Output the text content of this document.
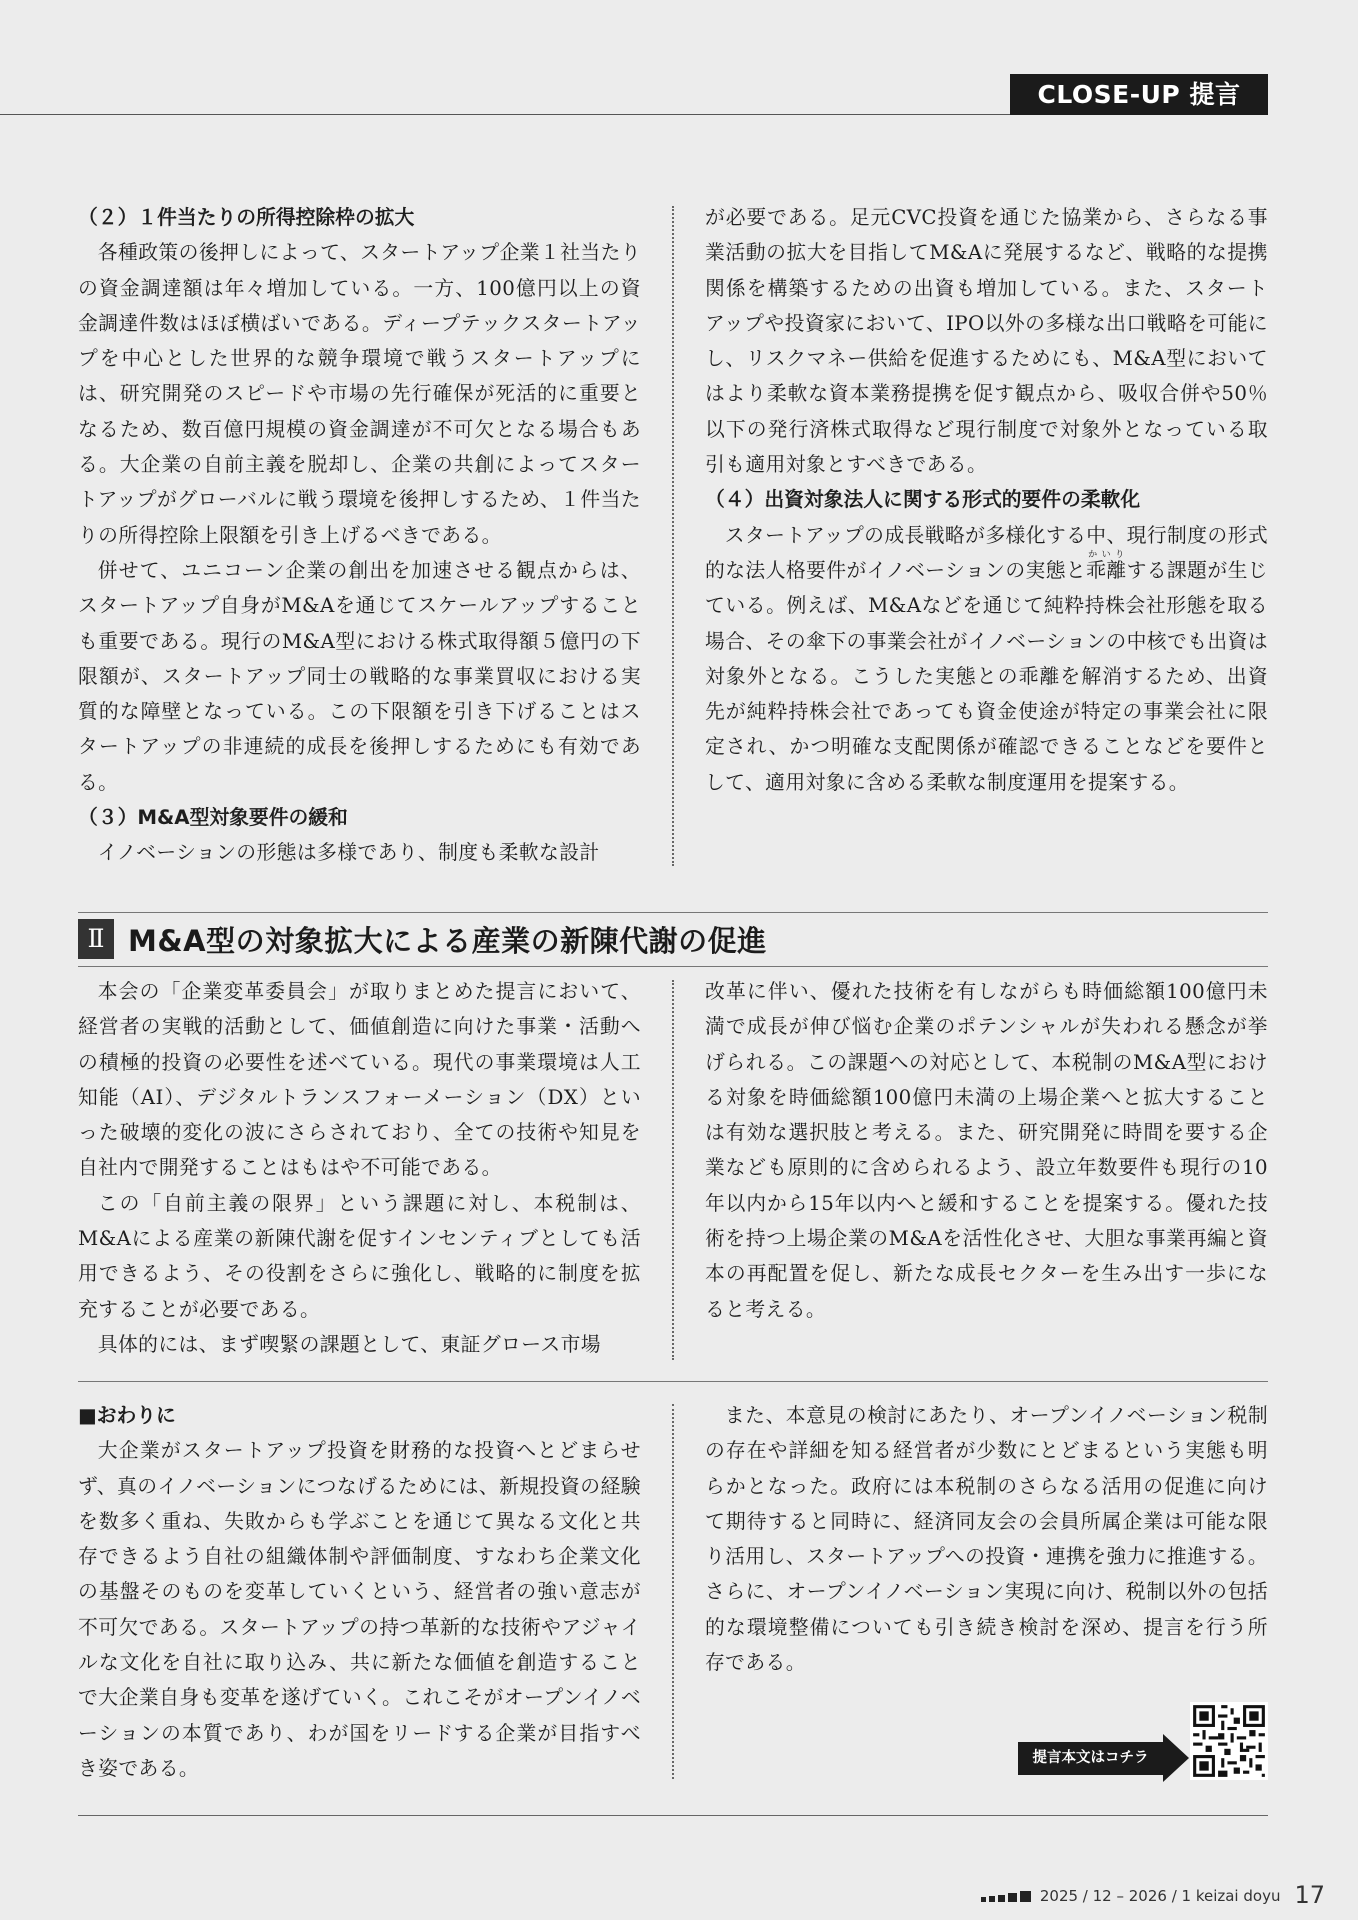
CLOSE-UP 提言
（２）１件当たりの所得控除枠の拡大

各種政策の後押しによって、スタートアップ企業１社当たりの資金調達額は年々増加している。一方、100億円以上の資金調達件数はほぼ横ばいである。ディープテックスタートアップを中心とした世界的な競争環境で戦うスタートアップには、研究開発のスピードや市場の先行確保が死活的に重要となるため、数百億円規模の資金調達が不可欠となる場合もある。大企業の自前主義を脱却し、企業の共創によってスタートアップがグローバルに戦う環境を後押しするため、１件当たりの所得控除上限額を引き上げるべきである。

併せて、ユニコーン企業の創出を加速させる観点からは、スタートアップ自身がM&Aを通じてスケールアップすることも重要である。現行のM&A型における株式取得額５億円の下限額が、スタートアップ同士の戦略的な事業買収における実質的な障壁となっている。この下限額を引き下げることはスタートアップの非連続的成長を後押しするためにも有効である。

（３）M&A型対象要件の緩和

イノベーションの形態は多様であり、制度も柔軟な設計

が必要である。足元CVC投資を通じた協業から、さらなる事業活動の拡大を目指してM&Aに発展するなど、戦略的な提携関係を構築するための出資も増加している。また、スタートアップや投資家において、IPO以外の多様な出口戦略を可能にし、リスクマネー供給を促進するためにも、M&A型においてはより柔軟な資本業務提携を促す観点から、吸収合併や50％以下の発行済株式取得など現行制度で対象外となっている取引も適用対象とすべきである。

（４）出資対象法人に関する形式的要件の柔軟化

スタートアップの成長戦略が多様化する中、現行制度の形式的な法人格要件がイノベーションの実態と乖離かいりする課題が生じている。例えば、M&Aなどを通じて純粋持株会社形態を取る場合、その傘下の事業会社がイノベーションの中核でも出資は対象外となる。こうした実態との乖離を解消するため、出資先が純粋持株会社であっても資金使途が特定の事業会社に限定され、かつ明確な支配関係が確認できることなどを要件として、適用対象に含める柔軟な制度運用を提案する。

Ⅱ M&A型の対象拡大による産業の新陳代謝の促進

本会の「企業変革委員会」が取りまとめた提言において、経営者の実戦的活動として、価値創造に向けた事業・活動への積極的投資の必要性を述べている。現代の事業環境は人工知能（AI）、デジタルトランスフォーメーション（DX）といった破壊的変化の波にさらされており、全ての技術や知見を自社内で開発することはもはや不可能である。

この「自前主義の限界」という課題に対し、本税制は、M&Aによる産業の新陳代謝を促すインセンティブとしても活用できるよう、その役割をさらに強化し、戦略的に制度を拡充することが必要である。

具体的には、まず喫緊の課題として、東証グロース市場

改革に伴い、優れた技術を有しながらも時価総額100億円未満で成長が伸び悩む企業のポテンシャルが失われる懸念が挙げられる。この課題への対応として、本税制のM&A型における対象を時価総額100億円未満の上場企業へと拡大することは有効な選択肢と考える。また、研究開発に時間を要する企業なども原則的に含められるよう、設立年数要件も現行の10年以内から15年以内へと緩和することを提案する。優れた技術を持つ上場企業のM&Aを活性化させ、大胆な事業再編と資本の再配置を促し、新たな成長セクターを生み出す一歩になると考える。

■おわりに

大企業がスタートアップ投資を財務的な投資へとどまらせず、真のイノベーションにつなげるためには、新規投資の経験を数多く重ね、失敗からも学ぶことを通じて異なる文化と共存できるよう自社の組織体制や評価制度、すなわち企業文化の基盤そのものを変革していくという、経営者の強い意志が不可欠である。スタートアップの持つ革新的な技術やアジャイルな文化を自社に取り込み、共に新たな価値を創造することで大企業自身も変革を遂げていく。これこそがオープンイノベーションの本質であり、わが国をリードする企業が目指すべき姿である。

また、本意見の検討にあたり、オープンイノベーション税制の存在や詳細を知る経営者が少数にとどまるという実態も明らかとなった。政府には本税制のさらなる活用の促進に向けて期待すると同時に、経済同友会の会員所属企業は可能な限り活用し、スタートアップへの投資・連携を強力に推進する。さらに、オープンイノベーション実現に向け、税制以外の包括的な環境整備についても引き続き検討を深め、提言を行う所存である。

提言本文はコチラ
2025 / 12 – 2026 / 1 keizai doyu 17
